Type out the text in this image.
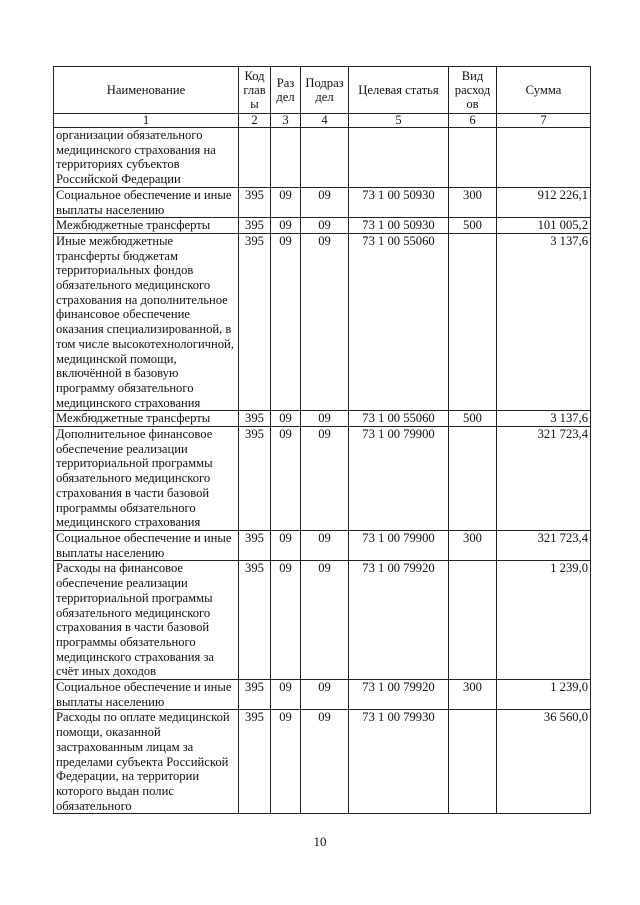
Наименование	Код глав ы	Раз дел	Подраз дел	Целевая статья	Вид расход ов	Сумма
1	2	3	4	5	6	7
организации обязательного медицинского страхования на территориях субъектов Российской Федерации						
Социальное обеспечение и иные выплаты населению	395	09	09	73 1 00 50930	300	912 226,1
Межбюджетные трансферты	395	09	09	73 1 00 50930	500	101 005,2
Иные межбюджетные трансферты бюджетам территориальных фондов обязательного медицинского страхования на дополнительное финансовое обеспечение оказания специализированной, в том числе высокотехнологичной, медицинской помощи, включённой в базовую программу обязательного медицинского страхования	395	09	09	73 1 00 55060		3 137,6
Межбюджетные трансферты	395	09	09	73 1 00 55060	500	3 137,6
Дополнительное финансовое обеспечение реализации территориальной программы обязательного медицинского страхования в части базовой программы обязательного медицинского страхования	395	09	09	73 1 00 79900		321 723,4
Социальное обеспечение и иные выплаты населению	395	09	09	73 1 00 79900	300	321 723,4
Расходы на финансовое обеспечение реализации территориальной программы обязательного медицинского страхования в части базовой программы обязательного медицинского страхования за счёт иных доходов	395	09	09	73 1 00 79920		1 239,0
Социальное обеспечение и иные выплаты населению	395	09	09	73 1 00 79920	300	1 239,0
Расходы по оплате медицинской помощи, оказанной застрахованным лицам за пределами субъекта Российской Федерации, на территории которого выдан полис обязательного	395	09	09	73 1 00 79930		36 560,0
10
